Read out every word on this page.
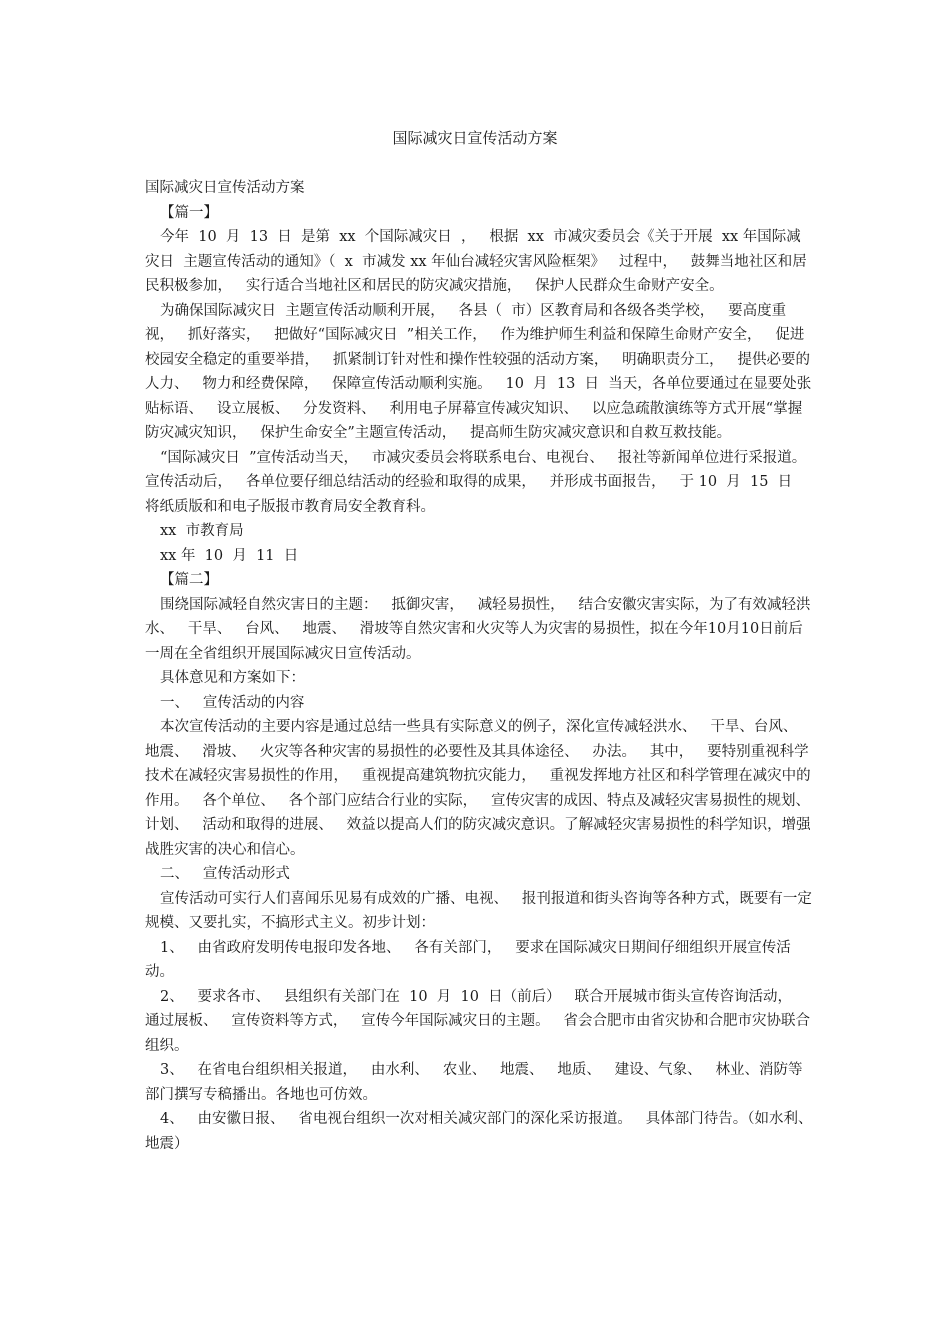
国际减灾日宣传活动方案

国际减灾日宣传活动方案

【篇一】

今年  10  月  13  日  是第  xx  个国际减灾日  ，   根据  xx  市减灾委员会《关于开展  xx 年国际减灾日  主题宣传活动的通知》（  x  市减发 xx 年仙台减轻灾害风险框架》   过程中，   鼓舞当地社区和居民积极参加，   实行适合当地社区和居民的防灾减灾措施，   保护人民群众生命财产安全。

为确保国际减灾日  主题宣传活动顺利开展，   各县（  市）区教育局和各级各类学校，   要高度重视，   抓好落实，   把做好“国际减灾日  ”相关工作，   作为维护师生利益和保障生命财产安全，   促进校园安全稳定的重要举措，   抓紧制订针对性和操作性较强的活动方案，   明确职责分工，   提供必要的人力、   物力和经费保障，   保障宣传活动顺利实施。   10  月  13  日  当天，各单位要通过在显要处张贴标语、   设立展板、   分发资料、   利用电子屏幕宣传减灾知识、   以应急疏散演练等方式开展“掌握防灾减灾知识，   保护生命安全”主题宣传活动，   提高师生防灾减灾意识和自救互救技能。

“国际减灾日  ”宣传活动当天，   市减灾委员会将联系电台、电视台、   报社等新闻单位进行采报道。   宣传活动后，   各单位要仔细总结活动的经验和取得的成果，   并形成书面报告，   于 10  月  15  日  将纸质版和和电子版报市教育局安全教育科。

xx  市教育局

xx 年  10  月  11  日

【篇二】

围绕国际减轻自然灾害日的主题：   抵御灾害，   减轻易损性，   结合安徽灾害实际，为了有效减轻洪水、   干旱、   台风、   地震、   滑坡等自然灾害和火灾等人为灾害的易损性，拟在今年10月10日前后一周在全省组织开展国际减灾日宣传活动。

具体意见和方案如下：

一、   宣传活动的内容

本次宣传活动的主要内容是通过总结一些具有实际意义的例子，深化宣传减轻洪水、   干旱、台风、   地震、   滑坡、   火灾等各种灾害的易损性的必要性及其具体途径、   办法。   其中，   要特别重视科学技术在减轻灾害易损性的作用，   重视提高建筑物抗灾能力，   重视发挥地方社区和科学管理在减灾中的作用。   各个单位、   各个部门应结合行业的实际，   宣传灾害的成因、特点及减轻灾害易损性的规划、   计划、   活动和取得的进展、   效益以提高人们的防灾减灾意识。了解减轻灾害易损性的科学知识，增强战胜灾害的决心和信心。

二、   宣传活动形式

宣传活动可实行人们喜闻乐见易有成效的广播、电视、   报刊报道和街头咨询等各种方式，既要有一定规模、又要扎实，不搞形式主义。初步计划：

1、   由省政府发明传电报印发各地、   各有关部门，   要求在国际减灾日期间仔细组织开展宣传活动。

2、   要求各市、   县组织有关部门在  10  月  10  日（前后）   联合开展城市街头宣传咨询活动，   通过展板、   宣传资料等方式，   宣传今年国际减灾日的主题。   省会合肥市由省灾协和合肥市灾协联合组织。

3、   在省电台组织相关报道，   由水利、   农业、   地震、   地质、   建设、气象、   林业、消防等部门撰写专稿播出。各地也可仿效。

4、   由安徽日报、   省电视台组织一次对相关减灾部门的深化采访报道。   具体部门待告。（如水利、地震）
